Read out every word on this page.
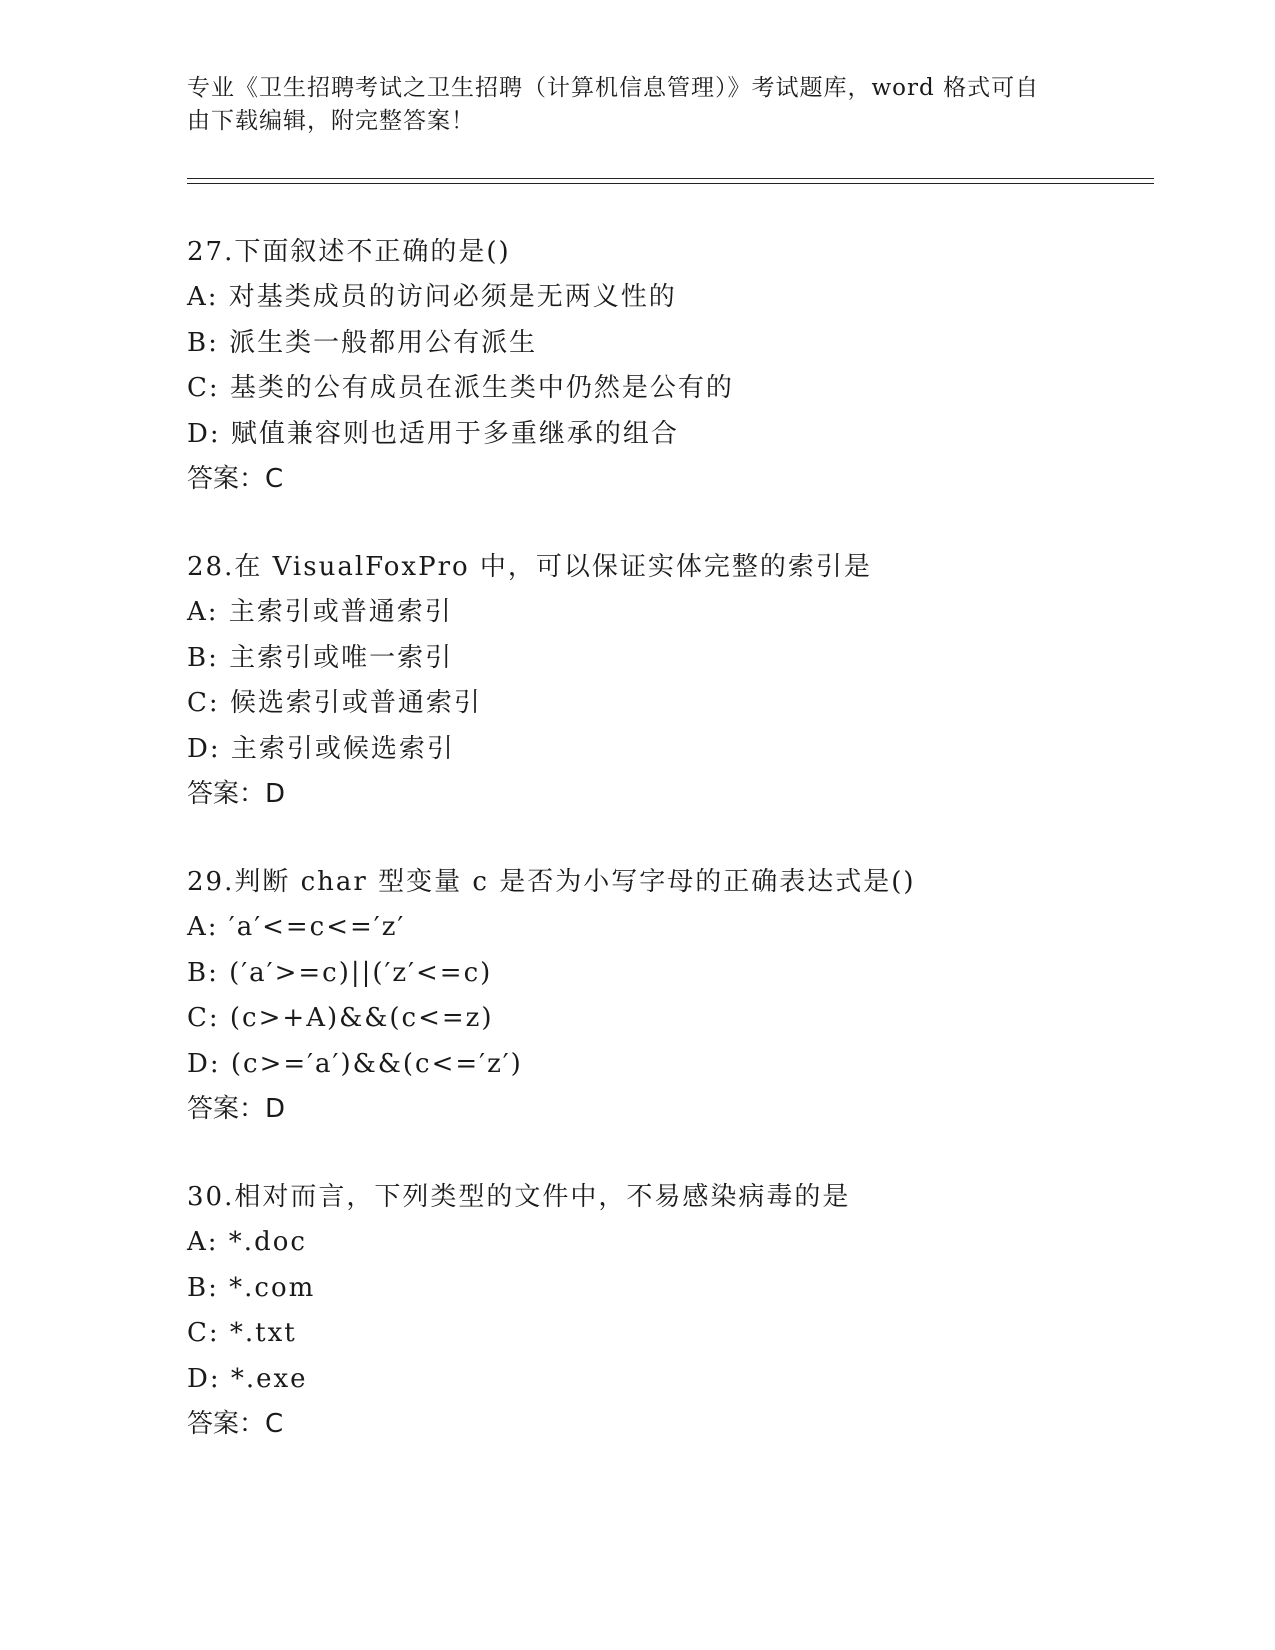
专业《卫生招聘考试之卫生招聘（计算机信息管理）》考试题库，word 格式可自
由下载编辑，附完整答案！
27.下面叙述不正确的是()
A: 对基类成员的访问必须是无两义性的
B: 派生类一般都用公有派生
C: 基类的公有成员在派生类中仍然是公有的
D: 赋值兼容则也适用于多重继承的组合
答案：C
28.在 VisualFoxPro 中，可以保证实体完整的索引是
A: 主索引或普通索引
B: 主索引或唯一索引
C: 候选索引或普通索引
D: 主索引或候选索引
答案：D
29.判断 char 型变量 c 是否为小写字母的正确表达式是()
A: ′a′<=c<=′z′
B: (′a′>=c)||(′z′<=c)
C: (c>+A)&&(c<=z)
D: (c>=′a′)&&(c<=′z′)
答案：D
30.相对而言，下列类型的文件中，不易感染病毒的是
A: *.doc
B: *.com
C: *.txt
D: *.exe
答案：C
